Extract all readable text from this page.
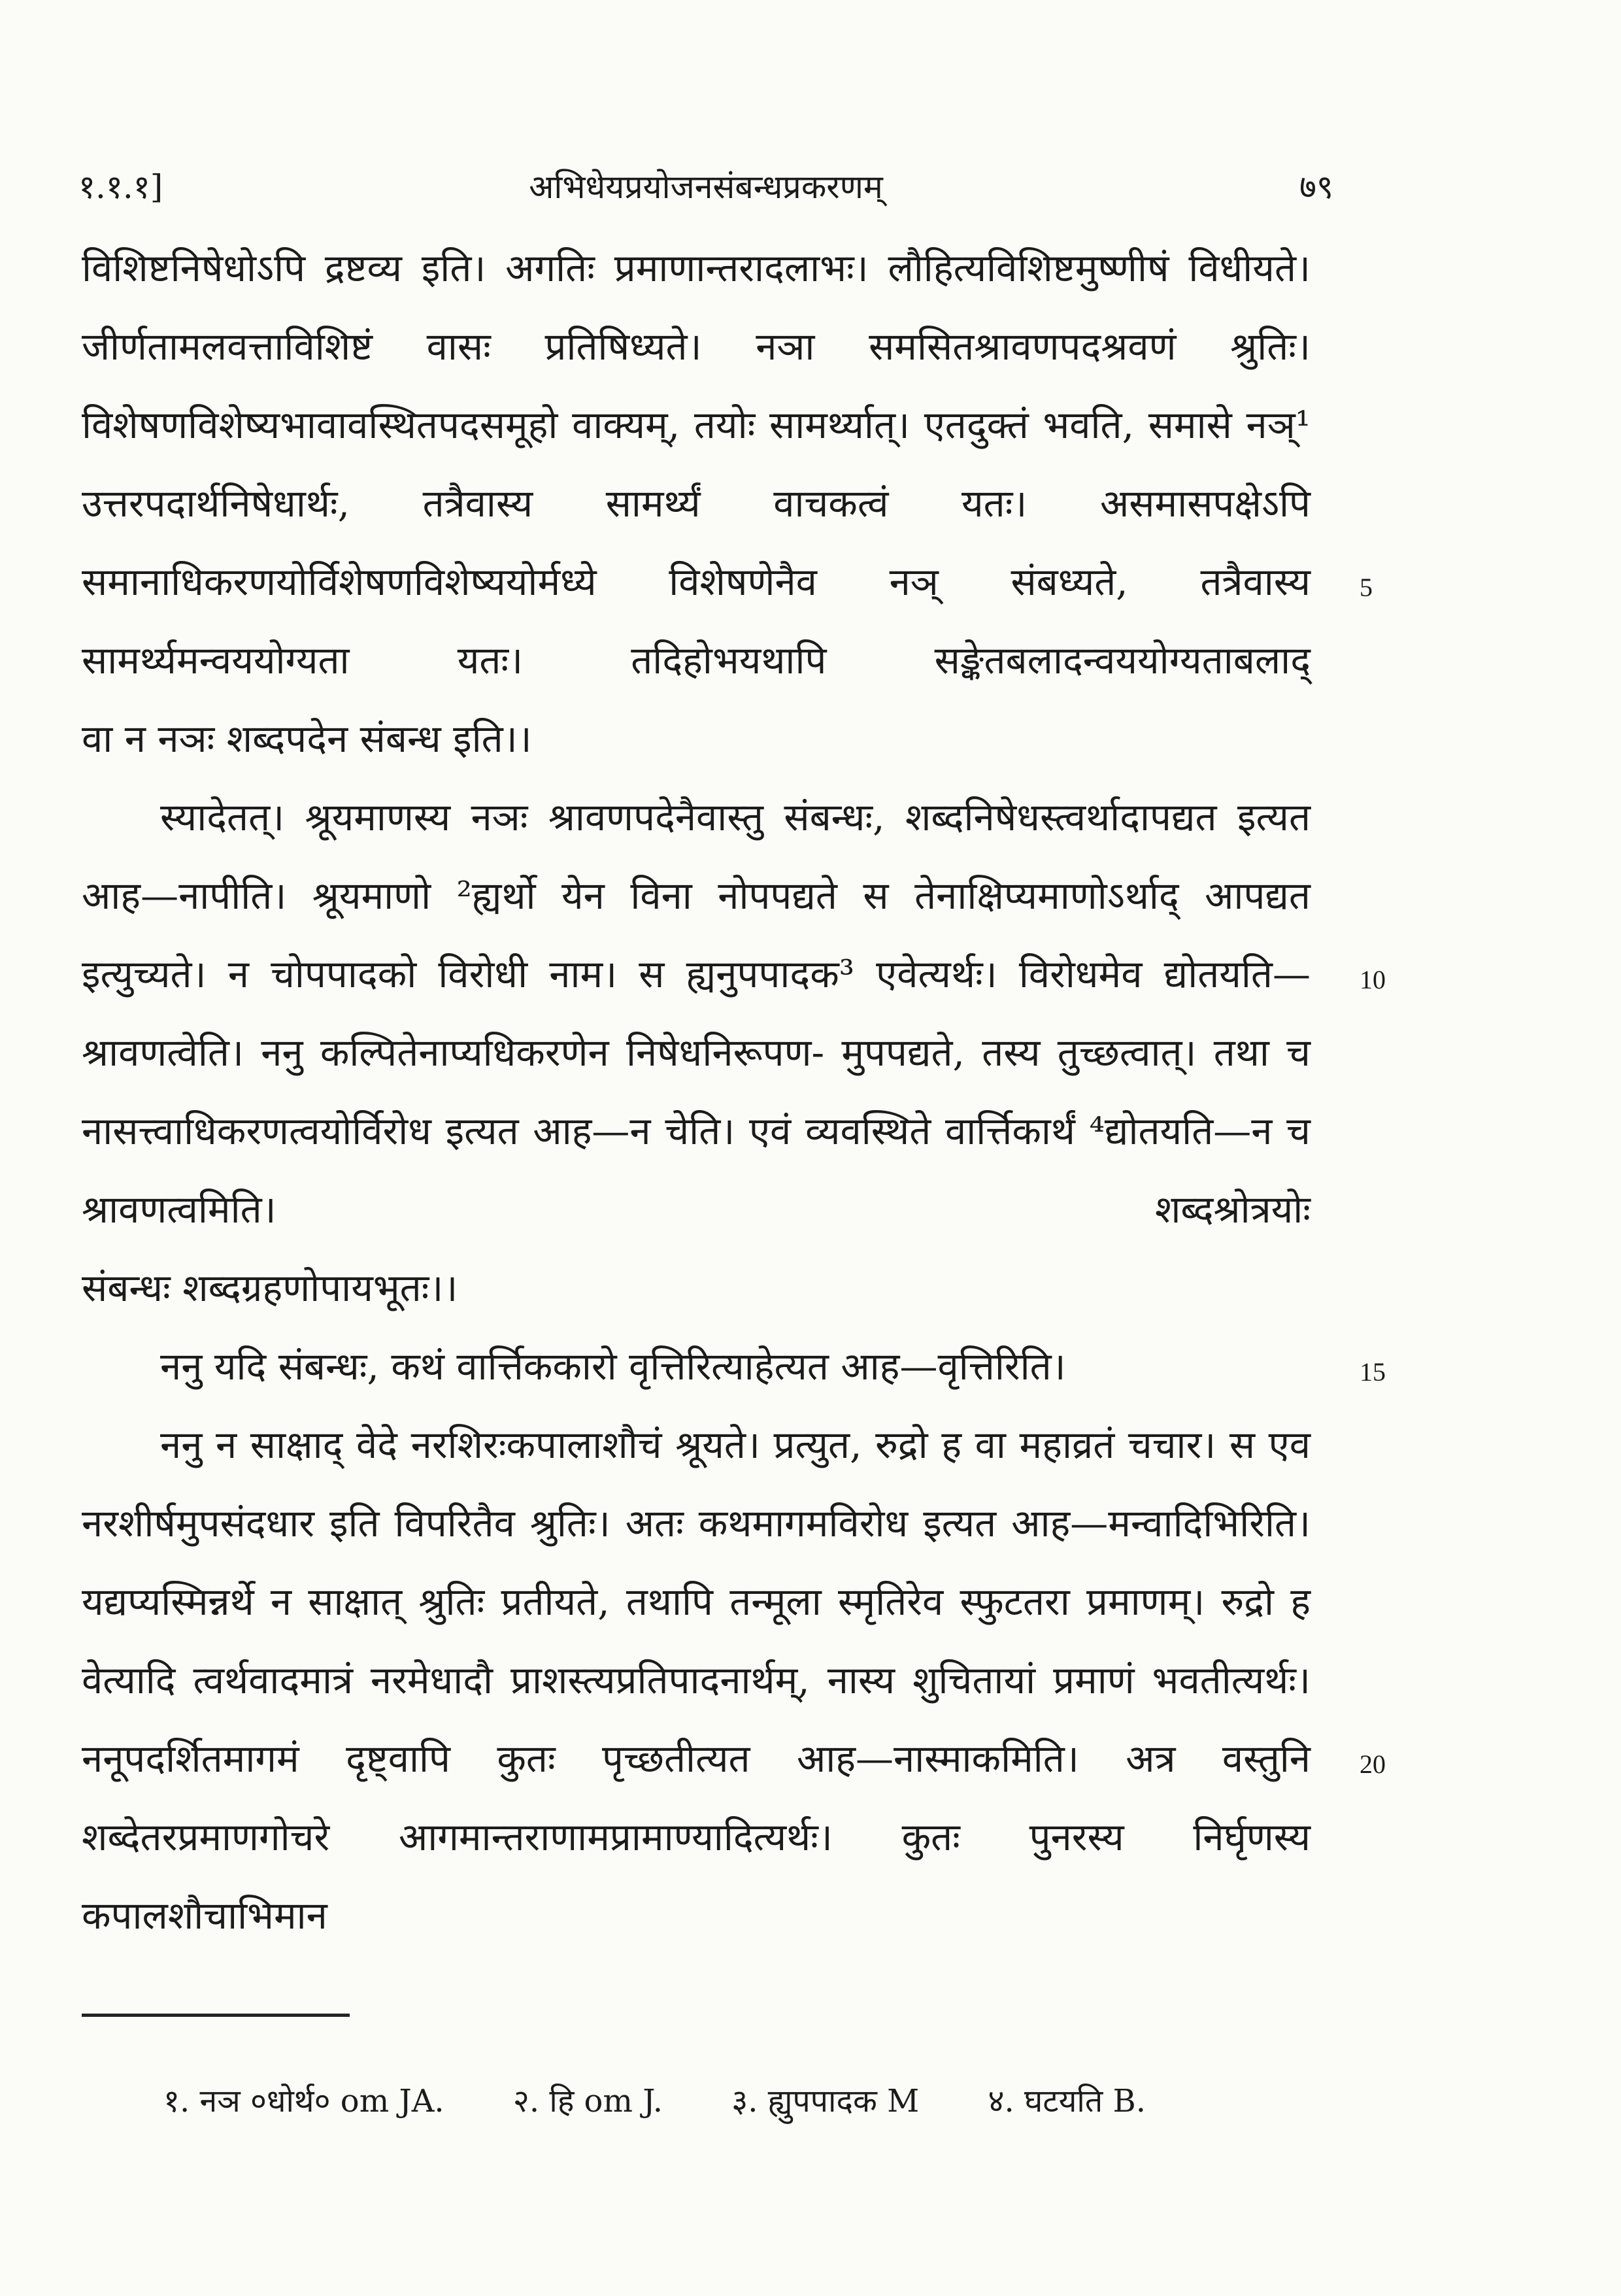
१.१.१]	अभिधेयप्रयोजनसंबन्धप्रकरणम्	७९

विशिष्टनिषेधोऽपि द्रष्टव्य इति। अगतिः प्रमाणान्तरादलाभः। लौहित्यविशिष्टमुष्णीषं विधीयते। जीर्णतामलवत्ताविशिष्टं वासः प्रतिषिध्यते। नञा समसितश्रावणपदश्रवणं श्रुतिः। विशेषणविशेष्यभावावस्थितपदसमूहो वाक्यम्, तयोः सामर्थ्यात्। एतदुक्तं भवति, समासे नञ्¹ उत्तरपदार्थनिषेधार्थः, तत्रैवास्य सामर्थ्यं वाचकत्वं यतः। असमासपक्षेऽपि समानाधिकरणयोर्विशेषणविशेष्ययोर्मध्ये विशेषणेनैव नञ् संबध्यते, तत्रैवास्य सामर्थ्यमन्वययोग्यता यतः। तदिहोभयथापि सङ्केतबलादन्वययोग्यताबलाद्

वा न नञः शब्दपदेन संबन्ध इति।।

स्यादेतत्। श्रूयमाणस्य नञः श्रावणपदेनैवास्तु संबन्धः, शब्दनिषेधस्त्वर्थादापद्यत इत्यत आह—नापीति। श्रूयमाणो ²ह्यर्थो येन विना नोपपद्यते स तेनाक्षिप्यमाणोऽर्थाद् आपद्यत इत्युच्यते। न चोपपादको विरोधी नाम। स ह्यनुपपादक³ एवेत्यर्थः। विरोधमेव द्योतयति—श्रावणत्वेति। ननु कल्पितेनाप्यधिकरणेन निषेधनिरूपण- मुपपद्यते, तस्य तुच्छत्वात्। तथा च नासत्त्वाधिकरणत्वयोर्विरोध इत्यत आह—न चेति। एवं व्यवस्थिते वार्त्तिकार्थं ⁴द्योतयति—न च श्रावणत्वमिति। शब्दश्रोत्रयोः

संबन्धः शब्दग्रहणोपायभूतः।।

ननु यदि संबन्धः, कथं वार्त्तिककारो वृत्तिरित्याहेत्यत आह—वृत्तिरिति।

ननु न साक्षाद् वेदे नरशिरःकपालाशौचं श्रूयते। प्रत्युत, रुद्रो ह वा महाव्रतं चचार। स एव नरशीर्षमुपसंदधार इति विपरितैव श्रुतिः। अतः कथमागमविरोध इत्यत आह—मन्वादिभिरिति। यद्यप्यस्मिन्नर्थे न साक्षात् श्रुतिः प्रतीयते, तथापि तन्मूला स्मृतिरेव स्फुटतरा प्रमाणम्। रुद्रो ह वेत्यादि त्वर्थवादमात्रं नरमेधादौ प्राशस्त्यप्रतिपादनार्थम्, नास्य शुचितायां प्रमाणं भवतीत्यर्थः। ननूपदर्शितमागमं दृष्ट्वापि कुतः पृच्छतीत्यत आह—नास्माकमिति। अत्र वस्तुनि शब्देतरप्रमाणगोचरे आगमान्तराणामप्रामाण्यादित्यर्थः। कुतः पुनरस्य निर्घृणस्य कपालशौचाभिमान

5
10
15
20
१. नञ ०धोर्थ० om JA. २. हि om J. ३. ह्युपपादक M ४. घटयति B.
